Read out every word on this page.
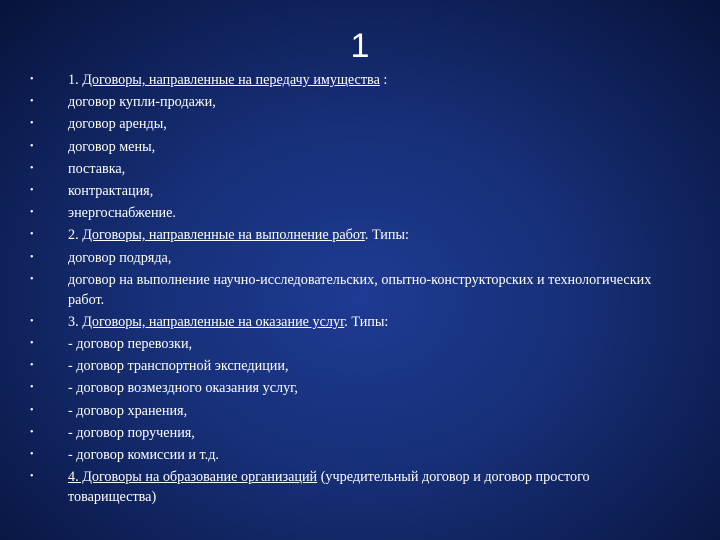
1
•	1. Договоры, направленные на передачу имущества :
•	договор купли-продажи,
•	договор аренды,
•	договор мены,
•	поставка,
•	контрактация,
•	энергоснабжение.
•	2. Договоры, направленные на выполнение работ. Типы:
•	договор подряда,
•	договор на выполнение научно-исследовательских, опытно-конструкторских и технологических работ.
•	3. Договоры, направленные на оказание услуг. Типы:
•	- договор перевозки,
•	- договор транспортной экспедиции,
•	- договор возмездного оказания услуг,
•	- договор хранения,
•	- договор поручения,
•	- договор комиссии и т.д.
•	4. Договоры на образование организаций (учредительный договор и договор простого товарищества)
